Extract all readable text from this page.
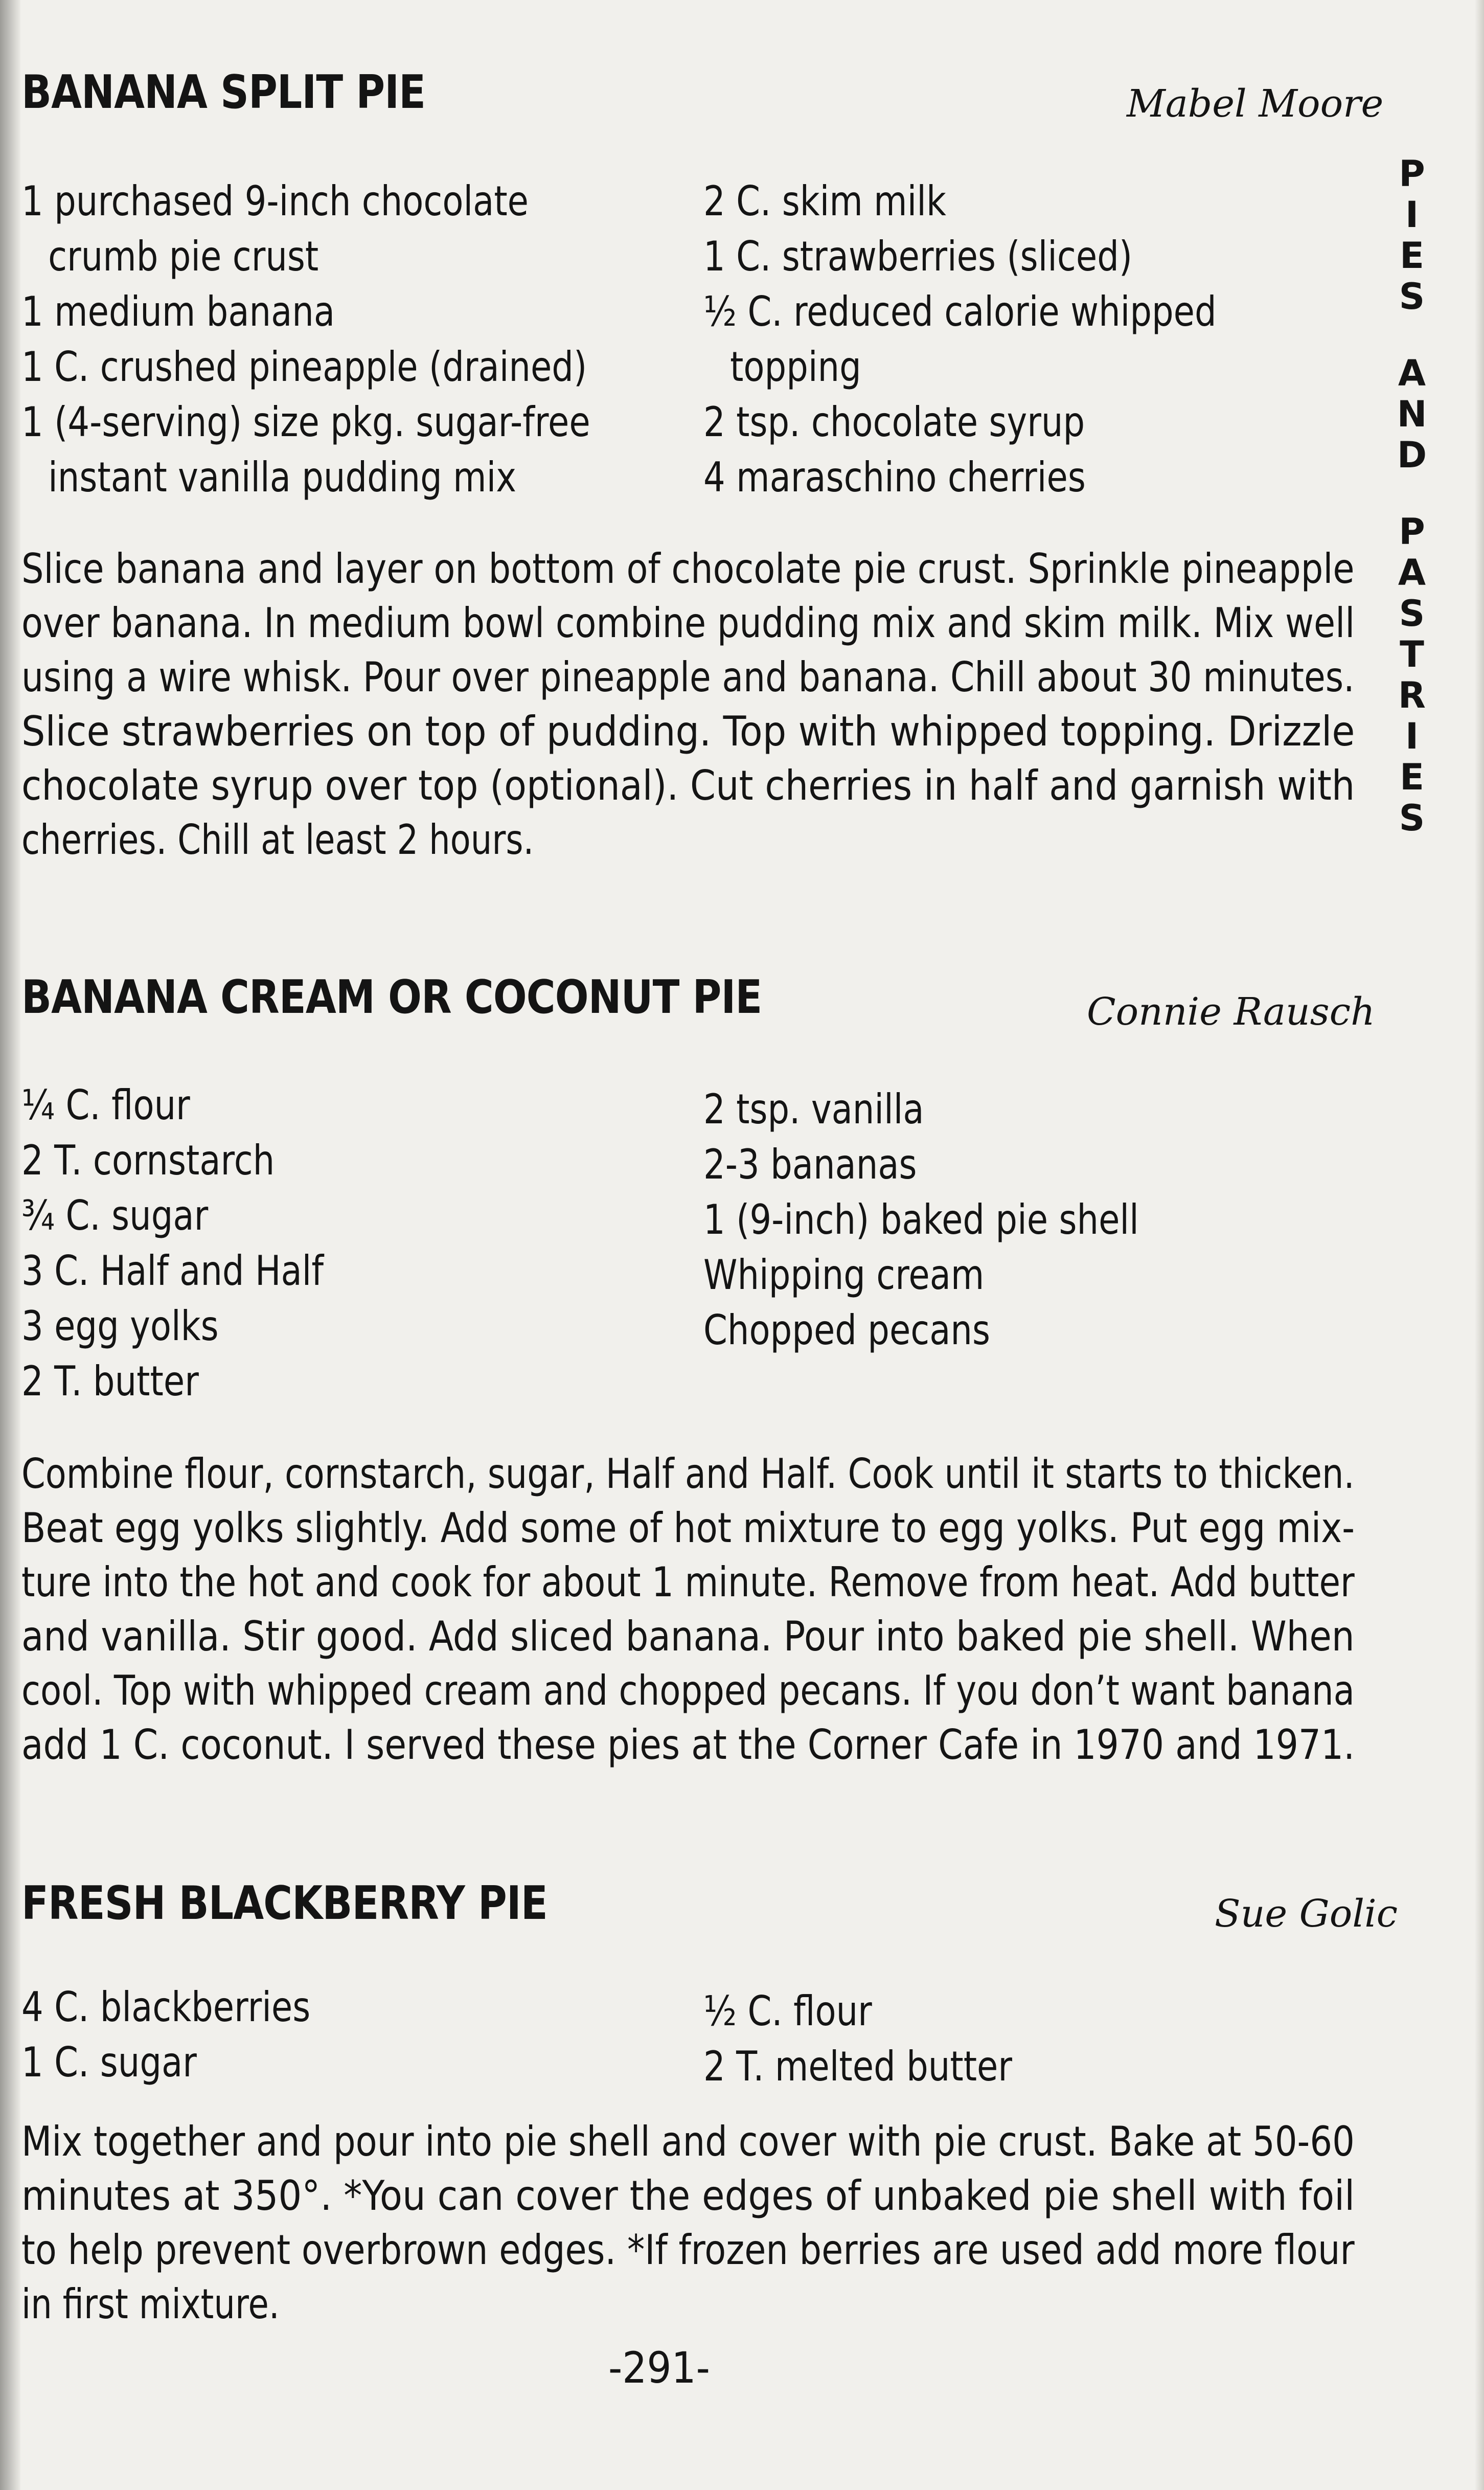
BANANA SPLIT PIE	Mabel Moore
1 purchased 9-inch chocolate
crumb pie crust
1 medium banana
1 C. crushed pineapple (drained)
1 (4-serving) size pkg. sugar-free
instant vanilla pudding mix
2 C. skim milk
1 C. strawberries (sliced)
½ C. reduced calorie whipped
topping
2 tsp. chocolate syrup
4 maraschino cherries
Slice banana and layer on bottom of chocolate pie crust. Sprinkle pineapple
over banana. In medium bowl combine pudding mix and skim milk. Mix well
using a wire whisk. Pour over pineapple and banana. Chill about 30 minutes.
Slice strawberries on top of pudding. Top with whipped topping. Drizzle
chocolate syrup over top (optional). Cut cherries in half and garnish with
cherries. Chill at least 2 hours.
BANANA CREAM OR COCONUT PIE	Connie Rausch
¼ C. flour
2 T. cornstarch
¾ C. sugar
3 C. Half and Half
3 egg yolks
2 T. butter
2 tsp. vanilla
2-3 bananas
1 (9-inch) baked pie shell
Whipping cream
Chopped pecans
Combine flour, cornstarch, sugar, Half and Half. Cook until it starts to thicken.
Beat egg yolks slightly. Add some of hot mixture to egg yolks. Put egg mix-
ture into the hot and cook for about 1 minute. Remove from heat. Add butter
and vanilla. Stir good. Add sliced banana. Pour into baked pie shell. When
cool. Top with whipped cream and chopped pecans. If you don’t want banana
add 1 C. coconut. I served these pies at the Corner Cafe in 1970 and 1971.
FRESH BLACKBERRY PIE	Sue Golic
4 C. blackberries
1 C. sugar
½ C. flour
2 T. melted butter
Mix together and pour into pie shell and cover with pie crust. Bake at 50-60
minutes at 350°. *You can cover the edges of unbaked pie shell with foil
to help prevent overbrown edges. *If frozen berries are used add more flour
in first mixture.
P
I
E
S
A
N
D
P
A
S
T
R
I
E
S
-291-
